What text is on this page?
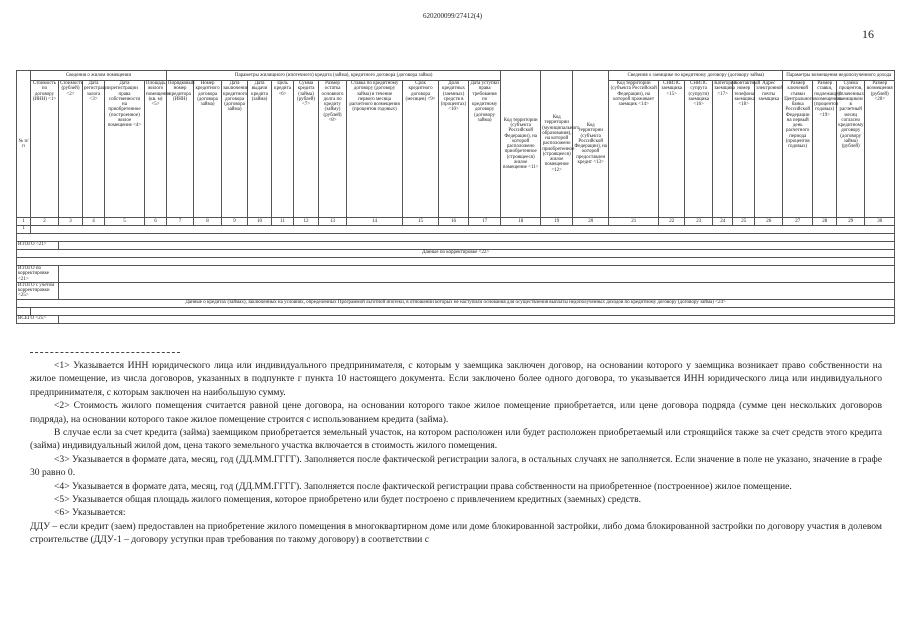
620200099/27412(4)
16
№ п/п	Сведения о жилом помещении					Параметры жилищного (ипотечного) кредита (займа), кредитного договора (договора займа)											Код территории (субъекта Российской Федерации), на которой расположено приобретенное (строящееся) жилое помещение <11>	Код территории (муниципального образования), на которой расположено приобретенное (строящееся) жилое помещение <12>	Код территории (субъекта Российской Федерации), на которой предоставлен кредит <13>	Сведения о заемщике по кредитному договору (договору займа)						Параметры возмещения недополученного дохода			
	Стоимость по договору (ИНН) <1>	Стоимость (рублей) <2>	Дата регистрации залога <3>	Дата регистрации права собственности на приобретенное (построенное) жилое помещение <4>	Площадь жилого помещения (кв. м) <5>	Порядковый номер кредитора (ИНН)	Номер кредитного договора (договора займа)	Дата заключения кредитного договора (договора займа)	Дата выдачи кредита (займа)	Цель кредита <6>	Сумма кредита (займа) (рублей) <7>	Размер остатка основного долга по кредиту (займу) (рублей) <8>	Ставка по кредитному договору (договору займа) в течение первого месяца расчетного возмещения (процентов годовых)	Срок кредитного договора (месяцев) <9>	Доля кредитных (заемных) средств в (процентах) <10>	Дата уступки права требования по кредитному договору (договору займа)				Код территории (субъекта Российской Федерации), на которой проживает заемщик <14>	СНИЛС заемщика <15>	СНИЛС супруга (супруги) заемщика <16>	Категория заемщика <17>	Контактный номер телефона заемщика <18>	Адрес электронной почты заемщика	Размер ключевой ставки Центрального банка Российской Федерации на первый день расчетного периода (процентов годовых)	Размер ставки, подлежащей возмещению (процентов годовых) <19>	Сумма процентов, уплаченных заемщиком в расчетный месяц согласно кредитному договору (договору займа) (рублей)	Размер возмещения (рублей) <20>
1	2	3	4	5	6	7	8	9	10	11	12	13	14	15	16	17	18	19	20	21	22	23	24	25	26	27	28	29	30
1																													

ИТОГО <21>																													
Данные по корректировке <22>																													

ИТОГО по корректировке <21>																													
ИТОГО с учетом корректировки <25>																													
Данные о кредитах (займах), заключенных на условиях, определенных Программой льготной ипотеки, в отношении которых не наступили основания для осуществления выплаты недополученных доходов по кредитному договору (договору займа) <24>																													

ВСЕГО <25>																													

<1> Указывается ИНН юридического лица или индивидуального предпринимателя, с которым у заемщика заключен договор, на основании которого у заемщика возникает право собственности на жилое помещение, из числа договоров, указанных в подпункте г пункта 10 настоящего документа. Если заключено более одного договора, то указывается ИНН юридического лица или индивидуального предпринимателя, с которым заключен на наибольшую сумму.

<2> Стоимость жилого помещения считается равной цене договора, на основании которого такое жилое помещение приобретается, или цене договора подряда (сумме цен нескольких договоров подряда), на основании которого такое жилое помещение строится с использованием кредита (займа).

В случае если за счет кредита (займа) заемщиком приобретается земельный участок, на котором расположен или будет расположен приобретаемый или строящийся также за счет средств этого кредита (займа) индивидуальный жилой дом, цена такого земельного участка включается в стоимость жилого помещения.

<3> Указывается в формате дата, месяц, год (ДД.ММ.ГГГГ). Заполняется после фактической регистрации залога, в остальных случаях не заполняется. Если значение в поле не указано, значение в графе 30 равно 0.

<4> Указывается в формате дата, месяц, год (ДД.ММ.ГГГГ). Заполняется после фактической регистрации права собственности на приобретенное (построенное) жилое помещение.

<5> Указывается общая площадь жилого помещения, которое приобретено или будет построено с привлечением кредитных (заемных) средств.

<6> Указывается:

ДДУ – если кредит (заем) предоставлен на приобретение жилого помещения в многоквартирном доме или доме блокированной застройки, либо дома блокированной застройки по договору участия в долевом строительстве (ДДУ-1 – договору уступки прав требования по такому договору) в соответствии с
